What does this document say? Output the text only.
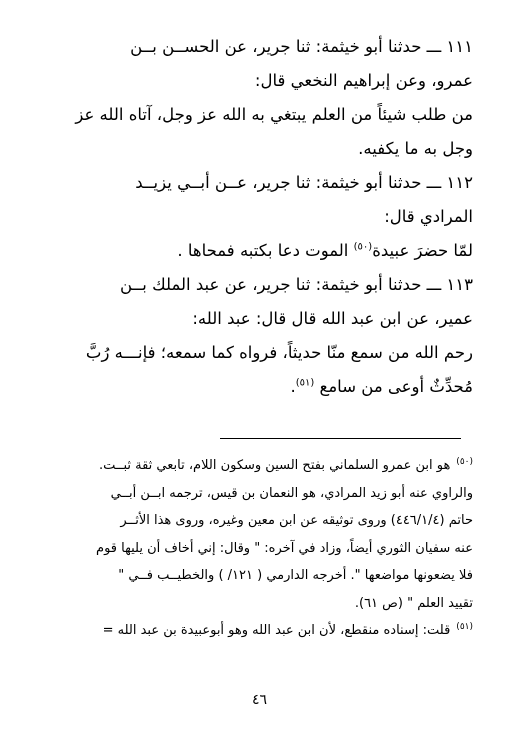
١١١ ـــ حدثنا أبو خيثمة: ثنا جرير، عن الحســن بــن
عمرو، وعن إبراهيم النخعي قال:

من طلب شيئاً من العلم يبتغي به الله عز وجل، آتاه الله عز
وجل به ما يكفيه.

١١٢ ـــ حدثنا أبو خيثمة: ثنا جرير، عــن أبــي يزيــد
المرادي قال:

لمّا حضرَ عبيدة$^{(٥٠)}$ الموت دعا بكتبه فمحاها .

١١٣ ـــ حدثنا أبو خيثمة: ثنا جرير، عن عبد الملك بــن
عمير، عن ابن عبد الله قال قال: عبد الله:

رحم الله من سمع منّا حديثاً، فرواه كما سمعه؛ فإنـــه رُبَّ
مُحدِّثٌ أوعى من سامع $^{(٥١)}$.

$^{(٥٠)}$هو ابن عمرو السلماني بفتح السين وسكون اللام، تابعي ثقة ثبــت.
والراوي عنه أبو زيد المرادي، هو النعمان بن قيس، ترجمه ابــن أبــي
حاتم (٤٤٦/١/٤) وروى توثيقه عن ابن معين وغيره، وروى هذا الأثــر
عنه سفيان الثوري أيضاً، وزاد في آخره: " وقال: إني أخاف أن يليها قوم
فلا يضعونها مواضعها ". أخرجه الدارمي ( ١٢١/ ) والخطيــب فــي "
تقييد العلم " (ص ٦١).
$^{(٥١)}$قلت: إسناده منقطع، لأن ابن عبد الله وهو أبوعبيدة بن عبد الله =
٤٦
